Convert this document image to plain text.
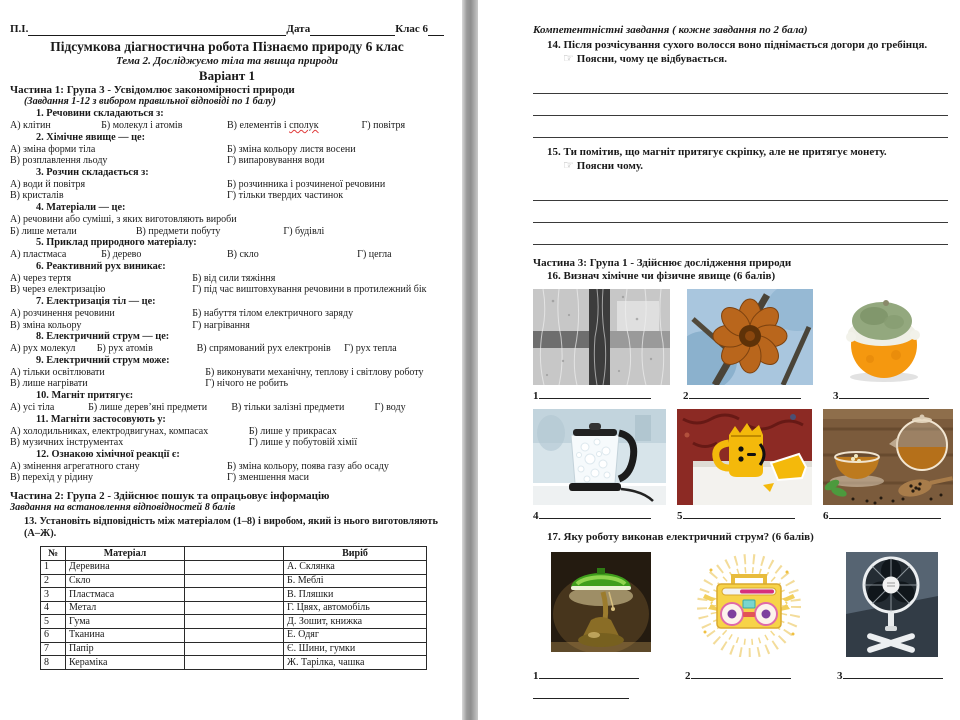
П.І.	Дата	Клас 6
Підсумкова діагностична робота Пізнаємо природу 6 клас
Тема 2. Досліджуємо тіла та явища природи
Варіант 1
Частина 1: Група 3 - Усвідомлює закономірності природи
(Завдання 1-12 з вибором правильної відповіді по 1 балу)
1. Речовини складаються з:
А) клітин	Б) молекул і атомів	В) елементів і сполук	Г) повітря
2. Хімічне явище — це:
А) зміна форми тіла	Б) зміна кольору листя восени
В) розплавлення льоду	Г) випаровування води
3. Розчин складається з:
А) води й повітря	Б) розчинника і розчиненої речовини
В) кристалів	Г) тільки твердих частинок
4. Матеріали — це:
А) речовини або суміші, з яких виготовляють вироби
Б) лише метали	В) предмети побуту	Г) будівлі
5. Приклад природного матеріалу:
А) пластмаса	Б) дерево	В) скло	Г) цегла
6. Реактивний рух виникає:
А) через тертя	Б) від сили тяжіння
В) через електризацію	Г) під час виштовхування речовини в протилежний бік
7. Електризація тіл — це:
А) розчинення речовини	Б) набуття тілом електричного заряду
В) зміна кольору	Г) нагрівання
8. Електричний струм — це:
А) рух молекул	Б) рух атомів	В) спрямований рух електронів	Г) рух тепла
9. Електричний струм може:
А) тільки освітлювати	Б) виконувати механічну, теплову і світлову роботу
В) лише нагрівати	Г) нічого не робить
10. Магніт притягує:
А) усі тіла	Б) лише дерев’яні предмети	В) тільки залізні предмети	Г) воду
11. Магніти застосовують у:
А) холодильниках, електродвигунах, компасах	Б) лише у прикрасах
В) музичних інструментах	Г) лише у побутовій хімії
12. Ознакою хімічної реакції є:
А) змінення агрегатного стану	Б) зміна кольору, поява газу або осаду
В) перехід у рідину	Г) зменшення маси
Частина 2: Група 2 - Здійснює пошук та опрацьовує інформацію
Завдання на встановлення відповідностей 8 балів
13. Установіть відповідність між матеріалом (1–8) і виробом, який із нього виготовляють (А–Ж).
№	Матеріал		Виріб
1	Деревина		А. Склянка
2	Скло		Б. Меблі
3	Пластмаса		В. Пляшки
4	Метал		Г. Цвях, автомобіль
5	Гума		Д. Зошит, книжка
6	Тканина		Е. Одяг
7	Папір		Є. Шини, гумки
8	Кераміка		Ж. Тарілка, чашка
Компетентністні завдання ( кожне завдання по 2 бала)
14. Після розчісування сухого волосся воно піднімається догори до гребінця.
☞ Поясни, чому це відбувається.
15. Ти помітив, що магніт притягує скріпку, але не притягує монету.
☞ Поясни чому.
Частина 3: Група 1 - Здійснює дослідження природи
16. Визнач хімічне чи фізичне явище (6 балів)
1	2	3
4	5	6
17. Яку роботу виконав електричний струм? (6 балів)
1	2	3
